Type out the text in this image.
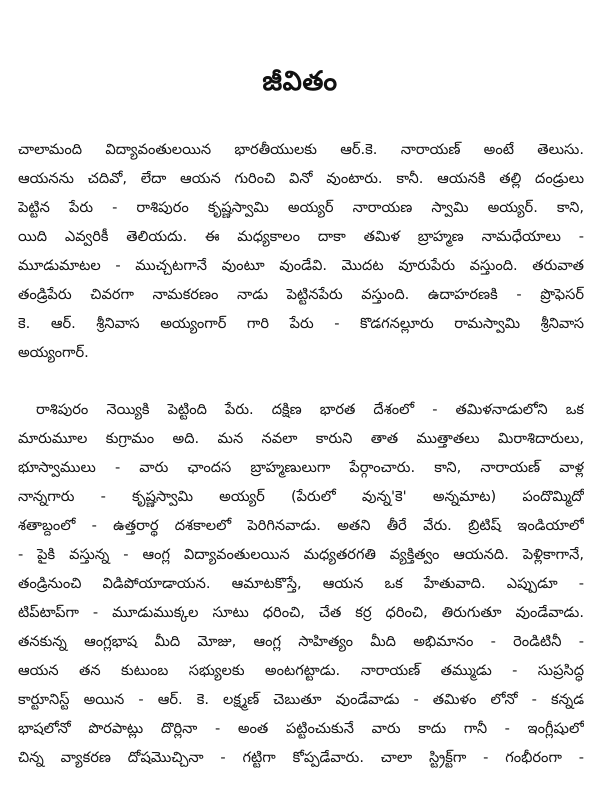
జీవితం
చాలామంది విద్యావంతులయిన భారతీయులకు ఆర్.కె. నారాయణ్ అంటే తెలుసు.
ఆయనను చదివో, లేదా ఆయన గురించి వినో వుంటారు. కానీ. ఆయనకి తల్లి దండ్రులు
పెట్టిన పేరు - రాశిపురం కృష్ణస్వామి అయ్యర్ నారాయణ స్వామి అయ్యర్. కాని,
యిది ఎవ్వరికీ తెలియదు. ఈ మధ్యకాలం దాకా తమిళ బ్రాహ్మణ నామధేయాలు -
మూడుమాటల - ముచ్చటగానే వుంటూ వుండేవి. మొదట వూరుపేరు వస్తుంది. తరువాత
తండ్రిపేరు చివరగా నామకరణం నాడు పెట్టినపేరు వస్తుంది. ఉదాహరణకి - ప్రొఫెసర్
కె. ఆర్. శ్రీనివాస అయ్యంగార్ గారి పేరు - కొడగనల్లూరు రామస్వామి శ్రీనివాస
అయ్యంగార్.
రాశిపురం నెయ్యికి పెట్టింది పేరు. దక్షిణ భారత దేశంలో - తమిళనాడులోని ఒక
మారుమూల కుగ్రామం అది. మన నవలా కారుని తాత ముత్తాతలు మిరాశిదారులు,
భూస్వాములు - వారు ఛాందస బ్రాహ్మణులుగా పేర్గాంచారు. కాని, నారాయణ్ వాళ్ల
నాన్నగారు - కృష్ణస్వామి అయ్యర్ (పేరులో వున్న'కె' అన్నమాట) పందొమ్మిదో
శతాబ్దంలో - ఉత్తరార్థ దశకాలలో పెరిగినవాడు. అతని తీరే వేరు. బ్రిటిష్ ఇండియాలో
- పైకి వస్తున్న - ఆంగ్ల విద్యావంతులయిన మధ్యతరగతి వ్యక్తిత్వం ఆయనది. పెళ్లికాగానే,
తండ్రినుంచి విడిపోయాడాయన. ఆమాటకొస్తే, ఆయన ఒక హేతువాది. ఎప్పుడూ -
టిప్‌టాప్‌గా - మూడుముక్కల సూటు ధరించి, చేత కర్ర ధరించి, తిరుగుతూ వుండేవాడు.
తనకున్న ఆంగ్లభాష మీది మోజు, ఆంగ్ల సాహిత్యం మీది అభిమానం - రెండిటినీ -
ఆయన తన కుటుంబ సభ్యులకు అంటగట్టాడు. నారాయణ్ తమ్ముడు - సుప్రసిద్ధ
కార్టూనిస్ట్ అయిన - ఆర్. కె. లక్ష్మణ్ చెబుతూ వుండేవాడు - తమిళం లోనో - కన్నడ
భాషలోనో పొరపాట్లు దొర్లినా - అంత పట్టించుకునే వారు కాదు గానీ - ఇంగ్లీషులో
చిన్న వ్యాకరణ దోషమొచ్చినా - గట్టిగా కోప్పడేవారు. చాలా స్ట్రిక్ట్‌గా - గంభీరంగా -
